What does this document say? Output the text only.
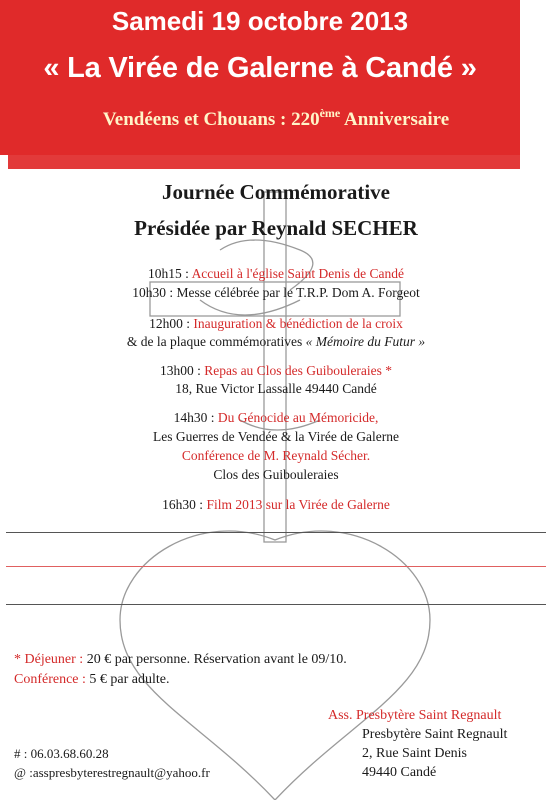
Samedi 19 octobre 2013
« La Virée de Galerne à Candé »
Vendéens et Chouans : 220ème Anniversaire
Journée Commémorative
Présidée par Reynald SECHER
10h15 : Accueil à l'église Saint Denis de Candé
10h30 : Messe célébrée par le T.R.P. Dom A. Forgeot
12h00 : Inauguration & bénédiction de la croix
& de la plaque commémoratives « Mémoire du Futur »
13h00 : Repas au Clos des Guibouleraies *
18, Rue Victor Lassalle 49440 Candé
14h30 : Du Génocide au Mémoricide,
Les Guerres de Vendée & la Virée de Galerne
Conférence de M. Reynald Sécher.
Clos des Guibouleraies
16h30 : Film 2013 sur la Virée de Galerne
* Déjeuner : 20 € par personne. Réservation avant le 09/10.
Conférence : 5 € par adulte.
Ass. Presbytère Saint Regnault
Presbytère Saint Regnault
2, Rue Saint Denis
49440 Candé
# : 06.03.68.60.28
@ :asspresbyterestregnault@yahoo.fr
